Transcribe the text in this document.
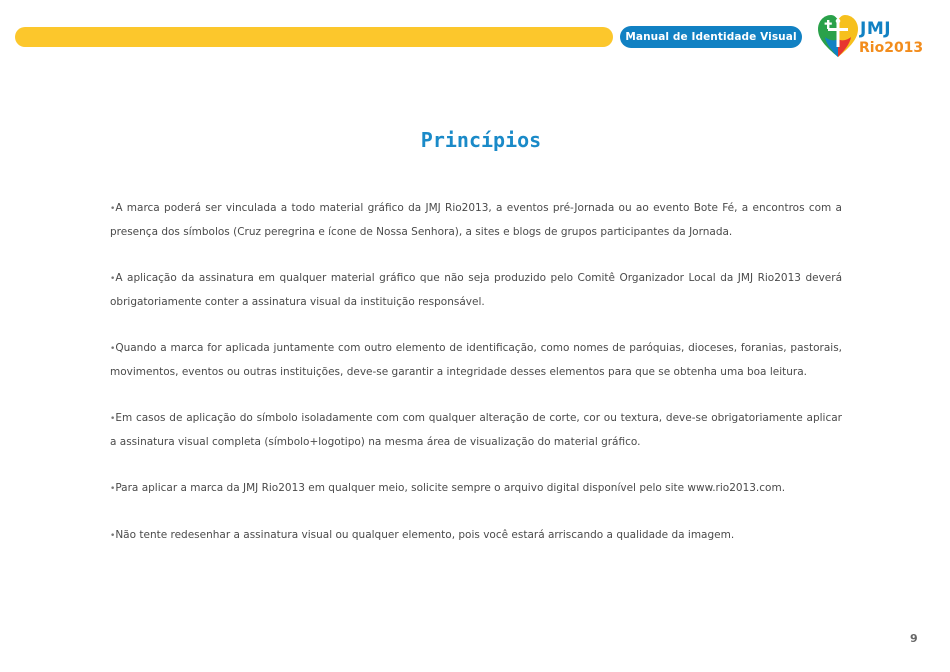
Manual de Identidade Visual	JMJ
Rio2013
Princípios

•A marca poderá ser vinculada a todo material gráfico da JMJ Rio2013, a eventos pré-Jornada ou ao evento Bote Fé, a encontros com a presença dos símbolos (Cruz peregrina e ícone de Nossa Senhora), a sites e blogs de grupos participantes da Jornada.

•A aplicação da assinatura em qualquer material gráfico que não seja produzido pelo Comitê Organizador Local da JMJ Rio2013 deverá obrigatoriamente conter a assinatura visual da instituição responsável.

•Quando a marca for aplicada juntamente com outro elemento de identificação, como nomes de paróquias, dioceses, foranias, pastorais, movimentos, eventos ou outras instituições, deve-se garantir a integridade desses elementos para que se obtenha uma boa leitura.

•Em casos de aplicação do símbolo isoladamente com com qualquer alteração de corte, cor ou textura, deve-se obrigatoriamente aplicar a assinatura visual completa (símbolo+logotipo) na mesma área de visualização do material gráfico.

•Para aplicar a marca da JMJ Rio2013 em qualquer meio, solicite sempre o arquivo digital disponível pelo site www.rio2013.com.

•Não tente redesenhar a assinatura visual ou qualquer elemento, pois você estará arriscando a qualidade da imagem.

9
